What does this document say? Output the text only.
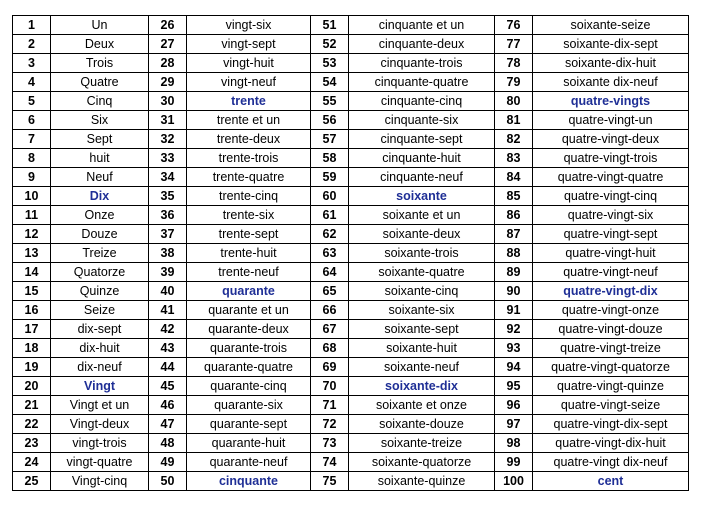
1	Un	26	vingt-six	51	cinquante et un	76	soixante-seize
2	Deux	27	vingt-sept	52	cinquante-deux	77	soixante-dix-sept
3	Trois	28	vingt-huit	53	cinquante-trois	78	soixante-dix-huit
4	Quatre	29	vingt-neuf	54	cinquante-quatre	79	soixante dix-neuf
5	Cinq	30	trente	55	cinquante-cinq	80	quatre-vingts
6	Six	31	trente et un	56	cinquante-six	81	quatre-vingt-un
7	Sept	32	trente-deux	57	cinquante-sept	82	quatre-vingt-deux
8	huit	33	trente-trois	58	cinquante-huit	83	quatre-vingt-trois
9	Neuf	34	trente-quatre	59	cinquante-neuf	84	quatre-vingt-quatre
10	Dix	35	trente-cinq	60	soixante	85	quatre-vingt-cinq
11	Onze	36	trente-six	61	soixante et un	86	quatre-vingt-six
12	Douze	37	trente-sept	62	soixante-deux	87	quatre-vingt-sept
13	Treize	38	trente-huit	63	soixante-trois	88	quatre-vingt-huit
14	Quatorze	39	trente-neuf	64	soixante-quatre	89	quatre-vingt-neuf
15	Quinze	40	quarante	65	soixante-cinq	90	quatre-vingt-dix
16	Seize	41	quarante et un	66	soixante-six	91	quatre-vingt-onze
17	dix-sept	42	quarante-deux	67	soixante-sept	92	quatre-vingt-douze
18	dix-huit	43	quarante-trois	68	soixante-huit	93	quatre-vingt-treize
19	dix-neuf	44	quarante-quatre	69	soixante-neuf	94	quatre-vingt-quatorze
20	Vingt	45	quarante-cinq	70	soixante-dix	95	quatre-vingt-quinze
21	Vingt et un	46	quarante-six	71	soixante et onze	96	quatre-vingt-seize
22	Vingt-deux	47	quarante-sept	72	soixante-douze	97	quatre-vingt-dix-sept
23	vingt-trois	48	quarante-huit	73	soixante-treize	98	quatre-vingt-dix-huit
24	vingt-quatre	49	quarante-neuf	74	soixante-quatorze	99	quatre-vingt dix-neuf
25	Vingt-cinq	50	cinquante	75	soixante-quinze	100	cent
